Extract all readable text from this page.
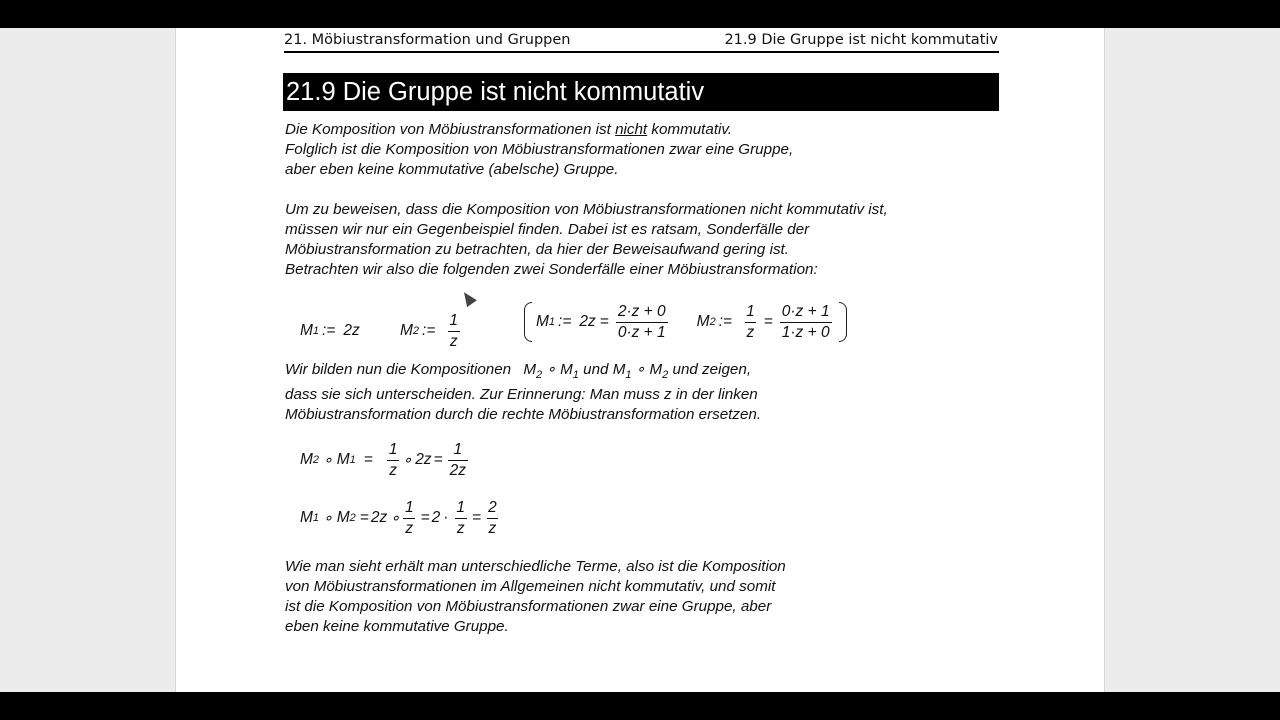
21. Möbiustransformation und Gruppen	21.9 Die Gruppe ist nicht kommutativ
21.9 Die Gruppe ist nicht kommutativ
Die Komposition von Möbiustransformationen ist nicht kommutativ.
Folglich ist die Komposition von Möbiustransformationen zwar eine Gruppe,
aber eben keine kommutative (abelsche) Gruppe.
Um zu beweisen, dass die Komposition von Möbiustransformationen nicht kommutativ ist,
müssen wir nur ein Gegenbeispiel finden. Dabei ist es ratsam, Sonderfälle der
Möbiustransformation zu betrachten, da hier der Beweisaufwand gering ist.
Betrachten wir also die folgenden zwei Sonderfälle einer Möbiustransformation:
M 1 := 2z	M 2 := $\frac{1}{z}$	M 1 := $2z = \frac{2\cdot z + 0}{0\cdot z + 1}$ M 2 := $\frac{1}{z} = \frac{0\cdot z + 1}{1\cdot z + 0}$
Wir bilden nun die Kompositionen $M_2$ ∘ $M_1$ und $M_1$ ∘ $M_2$ und zeigen,
dass sie sich unterscheiden. Zur Erinnerung: Man muss z in der linken
Möbiustransformation durch die rechte Möbiustransformation ersetzen.
M 2 ∘ M $1 = \frac{1}{z}$ ∘ $2z = \frac{1}{2z}$
M 1 ∘ M 2 = 2z ∘ $\frac{1}{z} = 2 \cdot \frac{1}{z} = \frac{2}{z}$
Wie man sieht erhält man unterschiedliche Terme, also ist die Komposition
von Möbiustransformationen im Allgemeinen nicht kommutativ, und somit
ist die Komposition von Möbiustransformationen zwar eine Gruppe, aber
eben keine kommutative Gruppe.
